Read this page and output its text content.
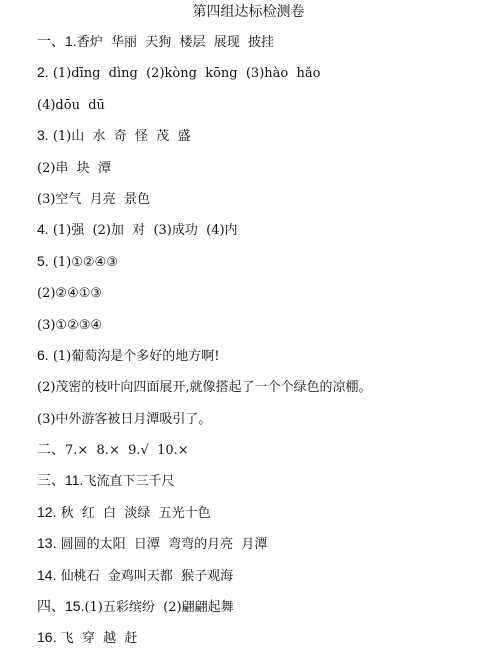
第四组达标检测卷
一、1.香炉  华丽  天狗  楼层  展现  披挂
2. (1)dīng  dìng  (2)kòng  kōng  (3)hào  hǎo
(4)dōu  dū
3. (1)山  水  奇  怪  茂  盛
(2)串  块  潭
(3)空气  月亮  景色
4. (1)强  (2)加  对  (3)成功  (4)内
5. (1)①②④③
(2)②④①③
(3)①②③④
6. (1)葡萄沟是个多好的地方啊!
(2)茂密的枝叶向四面展开,就像搭起了一个个绿色的凉棚。
(3)中外游客被日月潭吸引了。
二、7.×  8.×  9.√  10.×
三、11.飞流直下三千尺
12. 秋  红  白  淡绿  五光十色
13. 圆圆的太阳  日潭  弯弯的月亮  月潭
14. 仙桃石  金鸡叫天都  猴子观海
四、15.(1)五彩缤纷  (2)翩翩起舞
16. 飞  穿  越  赶
